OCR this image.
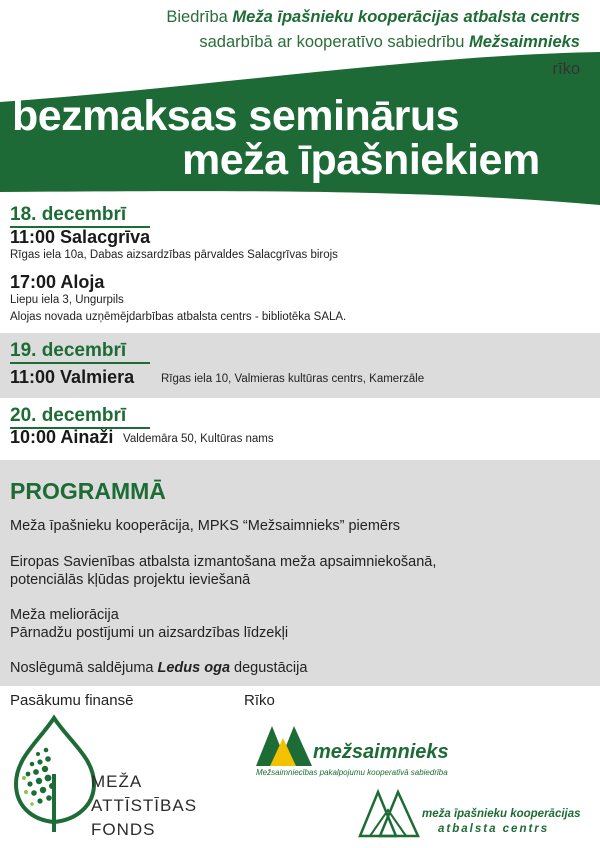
Biedrība Meža īpašnieku kooperācijas atbalsta centrs
sadarbībā ar kooperatīvo sabiedrību Mežsaimnieks
rīko
bezmaksas seminārus
meža īpašniekiem
18. decembrī
11:00 Salacgrīva
Rīgas iela 10a, Dabas aizsardzības pārvaldes Salacgrīvas birojs
17:00 Aloja
Liepu iela 3, Ungurpils
Alojas novada uzņēmējdarbības atbalsta centrs - bibliotēka SALA.
19. decembrī
11:00 Valmiera Rīgas iela 10, Valmieras kultūras centrs, Kamerzāle
20. decembrī
10:00 Ainaži Valdemāra 50, Kultūras nams
PROGRAMMĀ
Meža īpašnieku kooperācija, MPKS “Mežsaimnieks” piemērs
Eiropas Savienības atbalsta izmantošana meža apsaimniekošanā,
potenciālās kļūdas projektu ieviešanā
Meža meliorācija
Pārnadžu postījumi un aizsardzības līdzekļi
Noslēgumā saldējuma Ledus oga degustācija
Pasākumu finansē	Rīko
MEŽA
ATTĪSTĪBAS
FONDS
mežsaimnieks
Mežsaimniecības pakalpojumu kooperatīvā sabiedrība
meža īpašnieku kooperācijas
atbalsta centrs
